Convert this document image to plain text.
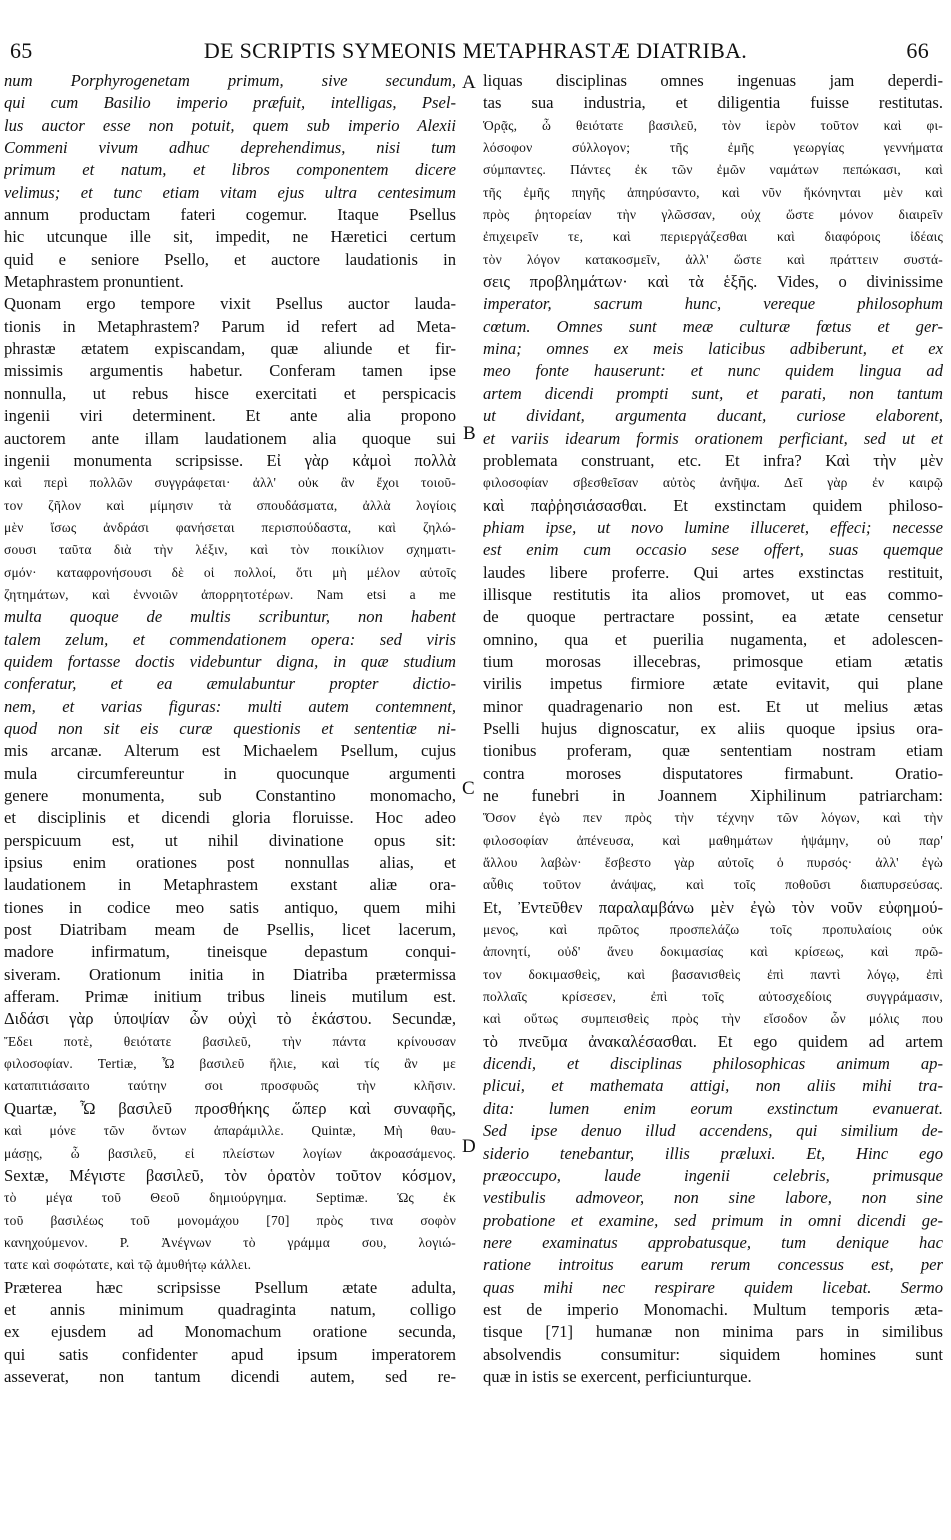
65	DE SCRIPTIS SYMEONIS METAPHRASTÆ DIATRIBA.	66
num Porphyrogenetam primum, sive secundum,
qui cum Basilio imperio præfuit, intelligas, Psel-
lus auctor esse non potuit, quem sub imperio Alexii
Commeni vivum adhuc deprehendimus, nisi tum
primum et natum, et libros componentem dicere
velimus; et tunc etiam vitam ejus ultra centesimum
annum productam fateri cogemur. Itaque Psellus
hic utcunque ille sit, impedit, ne Hæretici certum
quid e seniore Psello, et auctore laudationis in
Metaphrastem pronuntient.
Quonam ergo tempore vixit Psellus auctor lauda-
tionis in Metaphrastem? Parum id refert ad Meta-
phrastæ ætatem expiscandam, quæ aliunde et fir-
missimis argumentis habetur. Conferam tamen ipse
nonnulla, ut rebus hisce exercitati et perspicacis
ingenii viri determinent. Et ante alia propono
auctorem ante illam laudationem alia quoque sui
ingenii monumenta scripsisse. Εἰ γὰρ κἀμοὶ πολλὰ
καὶ περὶ πολλῶν συγγράφεται· ἀλλ' οὐκ ἂν ἔχοι τοιοῦ-
τον ζῆλον καὶ μίμησιν τὰ σπουδάσματα, ἀλλὰ λογίοις
μὲν ἴσως ἀνδράσι φανήσεται περισπούδαστα, καὶ ζηλώ-
σουσι ταῦτα διὰ τὴν λέξιν, καὶ τὸν ποικίλιον σχηματι-
σμόν· καταφρονήσουσι δὲ οἱ πολλοί, ὅτι μὴ μέλον αὐτοῖς
ζητημάτων, καὶ ἐννοιῶν ἀπορρητοτέρων. Nam etsi a me
multa quoque de multis scribuntur, non habent
talem zelum, et commendationem opera: sed viris
quidem fortasse doctis videbuntur digna, in quæ studium
conferatur, et ea æmulabuntur propter dictio-
nem, et varias figuras: multi autem contemnent,
quod non sit eis curæ questionis et sententiæ ni-
mis arcanæ. Alterum est Michaelem Psellum, cujus
mula circumfereuntur in quocunque argumenti
genere monumenta, sub Constantino monomacho,
et disciplinis et dicendi gloria floruisse. Hoc adeo
perspicuum est, ut nihil divinatione opus sit:
ipsius enim orationes post nonnullas alias, et
laudationem in Metaphrastem exstant aliæ ora-
tiones in codice meo satis antiquo, quem mihi
post Diatribam meam de Psellis, licet lacerum,
madore infirmatum, tineisque depastum conqui-
siveram. Orationum initia in Diatriba prætermissa
afferam. Primæ initium tribus lineis mutilum est.
Διδάσι γὰρ ὑποψίαν ὧν οὐχὶ τὸ ἑκάστου. Secundæ,
Ἔδει ποτὲ, θειότατε βασιλεῦ, τὴν πάντα κρίνουσαν
φιλοσοφίαν. Tertiæ, Ὦ βασιλεῦ ἥλιε, καὶ τίς ἂν με
καταπιτιάσαιτο ταύτην σοι προσφυῶς τὴν κλῆσιν.
Quartæ, Ὦ βασιλεῦ προσθήκης ὥπερ καὶ συναφῆς,
καὶ μόνε τῶν ὄντων ἀπαράμιλλε. Quintæ, Μὴ θαυ-
μάσῃς, ὦ βασιλεῦ, εἰ πλείστων λογίων ἀκροασάμενος.
Sextæ, Μέγιστε βασιλεῦ, τὸν ὁρατὸν τοῦτον κόσμον,
τὸ μέγα τοῦ Θεοῦ δημιούργημα. Septimæ. Ὡς ἐκ
τοῦ βασιλέως τοῦ μονομάχου [70] πρὸς τινα σοφὸν
κανηχούμενον. P. Ἀνέγνων τὸ γράμμα σου, λογιώ-
τατε καὶ σοφώτατε, καὶ τῷ ἀμυθήτῳ κάλλει.
Præterea hæc scripsisse Psellum ætate adulta,
et annis minimum quadraginta natum, colligo
ex ejusdem ad Monomachum oratione secunda,
qui satis confidenter apud ipsum imperatorem
asseverat, non tantum dicendi autem, sed re-
liquas disciplinas omnes ingenuas jam deperdi-
tas sua industria, et diligentia fuisse restitutas.
Ὁρᾷς, ὦ θειότατε βασιλεῦ, τὸν ἱερὸν τοῦτον καὶ φι-
λόσοφον σύλλογον; τῆς ἐμῆς γεωργίας γεννήματα
σύμπαντες. Πάντες ἐκ τῶν ἐμῶν ναμάτων πεπώκασι, καὶ
τῆς ἐμῆς πηγῆς ἀπηρύσαντο, καὶ νῦν ἥκόνηνται μὲν καὶ
πρὸς ῥητορείαν τὴν γλῶσσαν, οὐχ ὥστε μόνον διαιρεῖν
ἐπιχειρεῖν τε, καὶ περιεργάζεσθαι καὶ διαφόροις ἰδέαις
τὸν λόγον κατακοσμεῖν, ἀλλ' ὥστε καὶ πράττειν συστά-
σεις προβλημάτων· καὶ τὰ ἑξῆς. Vides, o divinissime
imperator, sacrum hunc, vereque philosophum
cœtum. Omnes sunt meæ culturæ fœtus et ger-
mina; omnes ex meis laticibus adbiberunt, et ex
meo fonte hauserunt: et nunc quidem lingua ad
artem dicendi prompti sunt, et parati, non tantum
ut dividant, argumenta ducant, curiose elaborent,
et variis idearum formis orationem perficiant, sed ut et
problemata construant, etc. Et infra? Καὶ τὴν μὲν
φιλοσοφίαν σβεσθεῖσαν αὐτὸς ἀνῆψα. Δεῖ γὰρ ἐν καιρῷ
καὶ παῤῥησιάσασθαι. Et exstinctam quidem philoso-
phiam ipse, ut novo lumine illuceret, effeci; necesse
est enim cum occasio sese offert, suas quemque
laudes libere proferre. Qui artes exstinctas restituit,
illisque restitutis ita alios promovet, ut eas commo-
de quoque pertractare possint, ea ætate censetur
omnino, qua et puerilia nugamenta, et adolescen-
tium morosas illecebras, primosque etiam ætatis
virilis impetus firmiore ætate evitavit, qui plane
minor quadragenario non est. Et ut melius ætas
Pselli hujus dignoscatur, ex aliis quoque ipsius ora-
tionibus proferam, quæ sententiam nostram etiam
contra moroses disputatores firmabunt. Oratio-
ne funebri in Joannem Xiphilinum patriarcham:
Ὅσον ἐγὼ πεν πρὸς τὴν τέχνην τῶν λόγων, καὶ τὴν
φιλοσοφίαν ἀπένευσα, καὶ μαθημάτων ἡψάμην, οὐ παρ'
ἄλλου λαβὼν· ἔσβεστο γὰρ αὐτοῖς ὁ πυρσός· ἀλλ' ἐγὼ
αὖθις τοῦτον ἀνάψας, καὶ τοῖς ποθοῦσι διαπυρσεύσας.
Et, Ἐντεῦθεν παραλαμβάνω μὲν ἐγὼ τὸν νοῦν εὐφημού-
μενος, καὶ πρῶτος προσπελάζω τοῖς προπυλαίοις οὐκ
ἀπονητί, οὐδ' ἄνευ δοκιμασίας καὶ κρίσεως, καὶ πρῶ-
τον δοκιμασθεὶς, καὶ βασανισθεὶς ἐπὶ παντὶ λόγῳ, ἐπὶ
πολλαῖς κρίσεσεν, ἐπὶ τοῖς αὐτοσχεδίοις συγγράμασιν,
καὶ οὕτως συμπεισθεὶς πρὸς τὴν εἴσοδον ὧν μόλις που
τὸ πνεῦμα ἀνακαλέσασθαι. Et ego quidem ad artem
dicendi, et disciplinas philosophicas animum ap-
plicui, et mathemata attigi, non aliis mihi tra-
dita: lumen enim eorum exstinctum evanuerat.
Sed ipse denuo illud accendens, qui similium de-
siderio tenebantur, illis præluxi. Et, Hinc ego
præoccupo, laude ingenii celebris, primusque
vestibulis admoveor, non sine labore, non sine
probatione et examine, sed primum in omni dicendi ge-
nere examinatus approbatusque, tum denique hac
ratione introitus earum rerum concessus est, per
quas mihi nec respirare quidem licebat. Sermo
est de imperio Monomachi. Multum temporis æta-
tisque [71] humanæ non minima pars in similibus
absolvendis consumitur: siquidem homines sunt
quæ in istis se exercent, perficiunturque.
A
B
C
D
